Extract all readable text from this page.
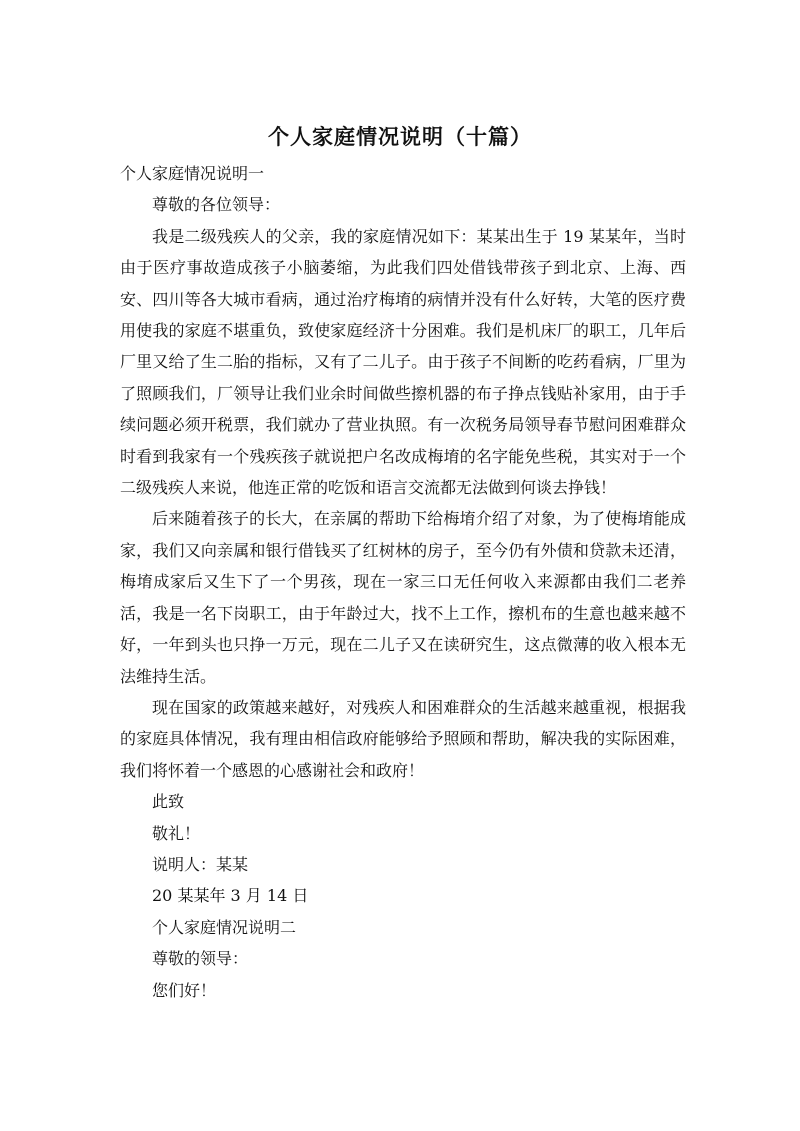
个人家庭情况说明（十篇）

个人家庭情况说明一

尊敬的各位领导：

我是二级残疾人的父亲，我的家庭情况如下：某某出生于 19 某某年，当时由于医疗事故造成孩子小脑萎缩，为此我们四处借钱带孩子到北京、上海、西安、四川等各大城市看病，通过治疗梅堉的病情并没有什么好转，大笔的医疗费用使我的家庭不堪重负，致使家庭经济十分困难。我们是机床厂的职工，几年后厂里又给了生二胎的指标，又有了二儿子。由于孩子不间断的吃药看病，厂里为了照顾我们，厂领导让我们业余时间做些擦机器的布子挣点钱贴补家用，由于手续问题必须开税票，我们就办了营业执照。有一次税务局领导春节慰问困难群众时看到我家有一个残疾孩子就说把户名改成梅堉的名字能免些税，其实对于一个二级残疾人来说，他连正常的吃饭和语言交流都无法做到何谈去挣钱！

后来随着孩子的长大，在亲属的帮助下给梅堉介绍了对象，为了使梅堉能成家，我们又向亲属和银行借钱买了红树林的房子，至今仍有外债和贷款未还清，梅堉成家后又生下了一个男孩，现在一家三口无任何收入来源都由我们二老养活，我是一名下岗职工，由于年龄过大，找不上工作，擦机布的生意也越来越不好，一年到头也只挣一万元，现在二儿子又在读研究生，这点微薄的收入根本无法维持生活。

现在国家的政策越来越好，对残疾人和困难群众的生活越来越重视，根据我的家庭具体情况，我有理由相信政府能够给予照顾和帮助，解决我的实际困难，我们将怀着一个感恩的心感谢社会和政府！

此致

敬礼！

说明人：某某

20 某某年 3 月 14 日

个人家庭情况说明二

尊敬的领导：

您们好！
